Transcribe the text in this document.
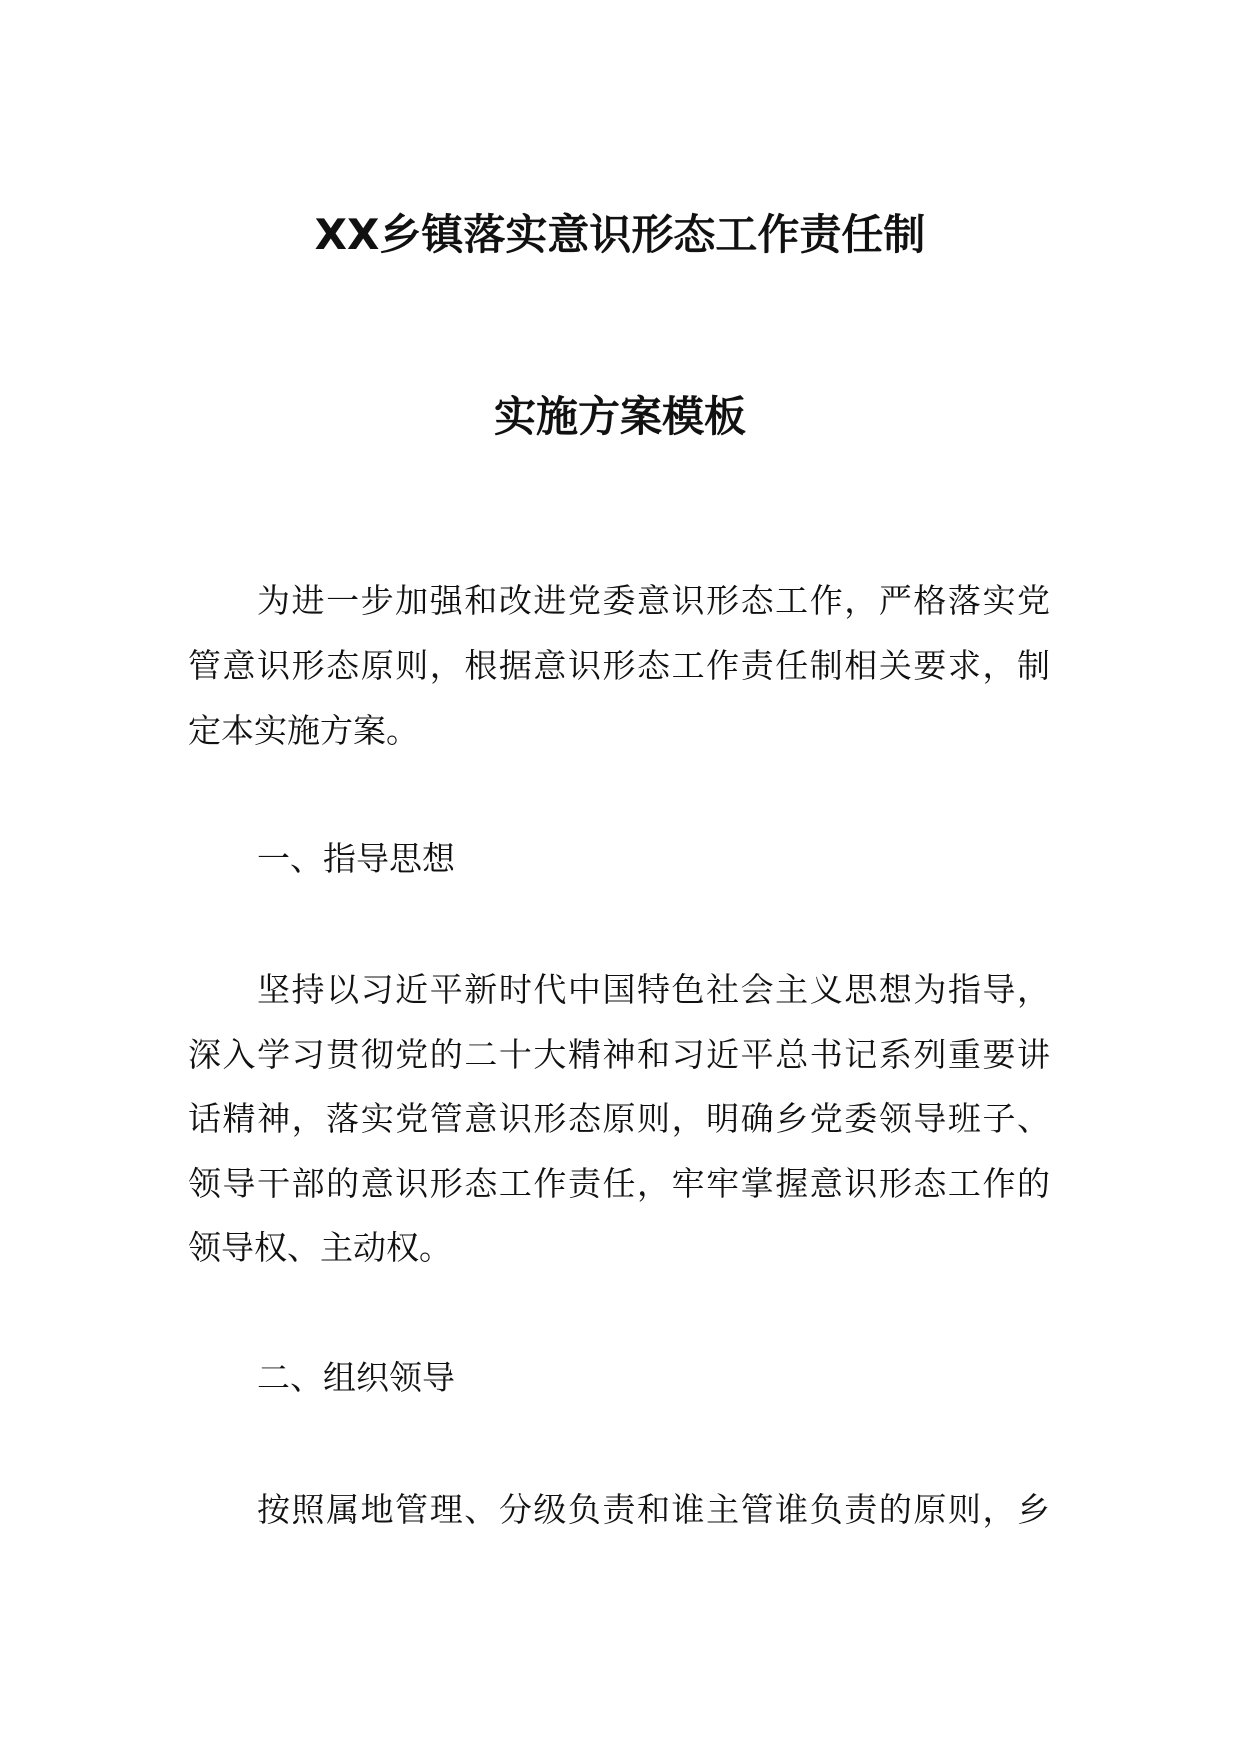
XX乡镇落实意识形态工作责任制
实施方案模板
为进一步加强和改进党委意识形态工作，严格落实党
管意识形态原则，根据意识形态工作责任制相关要求，制
定本实施方案。
一、指导思想
坚持以习近平新时代中国特色社会主义思想为指导，
深入学习贯彻党的二十大精神和习近平总书记系列重要讲
话精神，落实党管意识形态原则，明确乡党委领导班子、
领导干部的意识形态工作责任，牢牢掌握意识形态工作的
领导权、主动权。
二、组织领导
按照属地管理、分级负责和谁主管谁负责的原则，乡
